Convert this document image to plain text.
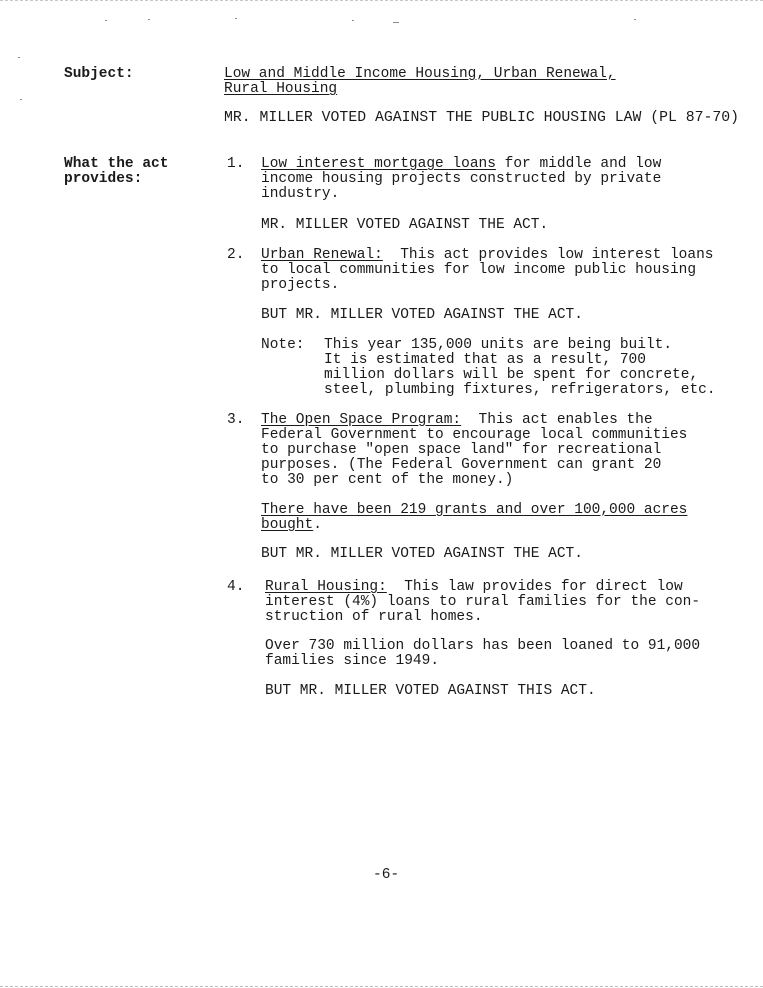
Subject:	Low and Middle Income Housing, Urban Renewal,
Rural Housing
MR. MILLER VOTED AGAINST THE PUBLIC HOUSING LAW (PL 87-70)
What the act
provides:
1. Low interest mortgage loans for middle and low
income housing projects constructed by private
industry.
MR. MILLER VOTED AGAINST THE ACT.
2. Urban Renewal:  This act provides low interest loans
to local communities for low income public housing
projects.
BUT MR. MILLER VOTED AGAINST THE ACT.
Note: This year 135,000 units are being built.
It is estimated that as a result, 700
million dollars will be spent for concrete,
steel, plumbing fixtures, refrigerators, etc.
3. The Open Space Program:  This act enables the
Federal Government to encourage local communities
to purchase "open space land" for recreational
purposes. (The Federal Government can grant 20
to 30 per cent of the money.)
There have been 219 grants and over 100,000 acres
bought.
BUT MR. MILLER VOTED AGAINST THE ACT.
4. Rural Housing:  This law provides for direct low
interest (4%) loans to rural families for the con-
struction of rural homes.
Over 730 million dollars has been loaned to 91,000
families since 1949.
BUT MR. MILLER VOTED AGAINST THIS ACT.
-6-
